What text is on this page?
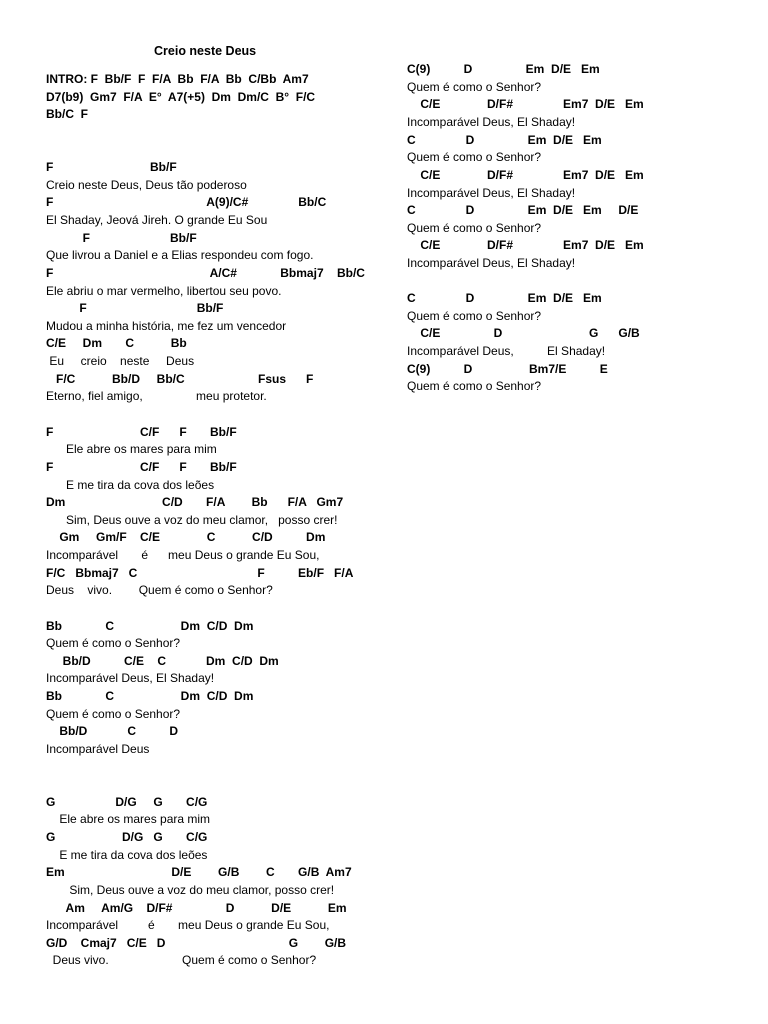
Creio neste Deus
INTRO: F  Bb/F  F  F/A  Bb  F/A  Bb  C/Bb  Am7
D7(b9)  Gm7  F/A  E°  A7(+5)  Dm  Dm/C  B°  F/C
Bb/C  F
F                             Bb/F
Creio neste Deus, Deus tão poderoso
F                                              A(9)/C#               Bb/C
El Shaday, Jeová Jireh. O grande Eu Sou
F                        Bb/F
Que livrou a Daniel e a Elias respondeu com fogo.
F                                               A/C#             Bbmaj7    Bb/C
Ele abriu o mar vermelho, libertou seu povo.
F                                 Bb/F
Mudou a minha história, me fez um vencedor
C/E     Dm       C           Bb
Eu     creio    neste     Deus
F/C           Bb/D     Bb/C                      Fsus      F
Eterno, fiel amigo,                meu protetor.
F                          C/F      F       Bb/F
Ele abre os mares para mim
F                          C/F      F       Bb/F
E me tira da cova dos leões
Dm                             C/D       F/A        Bb      F/A   Gm7
Sim, Deus ouve a voz do meu clamor,   posso crer!
Gm     Gm/F    C/E              C           C/D          Dm
Incomparável       é      meu Deus o grande Eu Sou,
F/C   Bbmaj7   C                                    F          Eb/F   F/A
Deus    vivo.        Quem é como o Senhor?
Bb             C                    Dm  C/D  Dm
Quem é como o Senhor?
Bb/D          C/E    C            Dm  C/D  Dm
Incomparável Deus, El Shaday!
Bb             C                    Dm  C/D  Dm
Quem é como o Senhor?
Bb/D            C          D
Incomparável Deus
G                  D/G     G       C/G
Ele abre os mares para mim
G                    D/G   G       C/G
E me tira da cova dos leões
Em                                D/E        G/B        C       G/B  Am7
Sim, Deus ouve a voz do meu clamor, posso crer!
Am     Am/G    D/F#                D           D/E           Em
Incomparável         é       meu Deus o grande Eu Sou,
G/D    Cmaj7   C/E   D                                     G        G/B
Deus vivo.                      Quem é como o Senhor?
C(9)          D                Em  D/E   Em
Quem é como o Senhor?
C/E              D/F#               Em7  D/E   Em
Incomparável Deus, El Shaday!
C               D                Em  D/E   Em
Quem é como o Senhor?
C/E              D/F#               Em7  D/E   Em
Incomparável Deus, El Shaday!
C               D                Em  D/E   Em     D/E
Quem é como o Senhor?
C/E              D/F#               Em7  D/E   Em
Incomparável Deus, El Shaday!
C               D                Em  D/E   Em
Quem é como o Senhor?
C/E                D                          G      G/B
Incomparável Deus,          El Shaday!
C(9)          D                 Bm7/E          E
Quem é como o Senhor?
